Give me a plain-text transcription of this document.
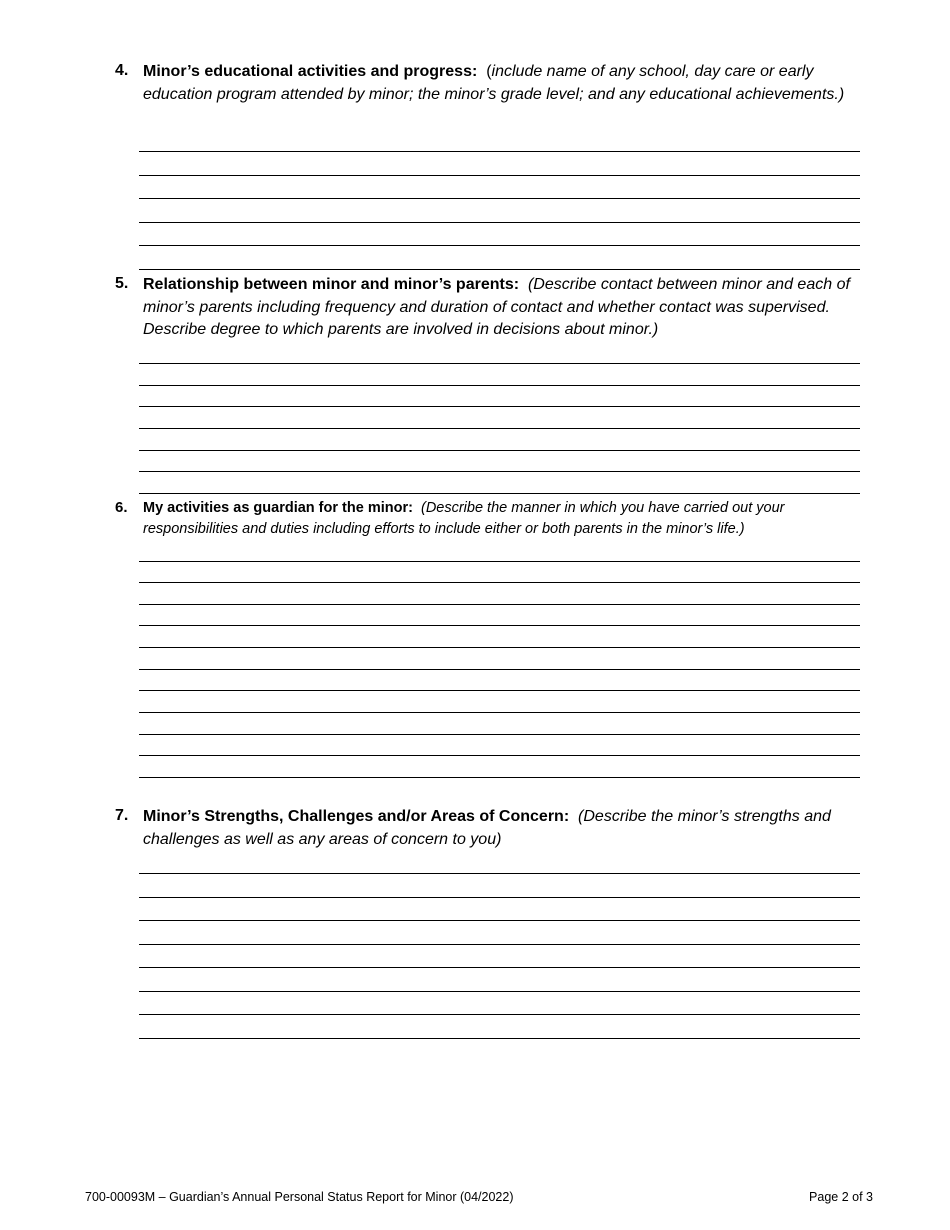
4. Minor’s educational activities and progress: (include name of any school, day care or early education program attended by minor; the minor’s grade level; and any educational achievements.)
5. Relationship between minor and minor’s parents: (Describe contact between minor and each of minor’s parents including frequency and duration of contact and whether contact was supervised. Describe degree to which parents are involved in decisions about minor.)
6. My activities as guardian for the minor: (Describe the manner in which you have carried out your responsibilities and duties including efforts to include either or both parents in the minor’s life.)
7. Minor’s Strengths, Challenges and/or Areas of Concern: (Describe the minor’s strengths and challenges as well as any areas of concern to you)
700-00093M – Guardian’s Annual Personal Status Report for Minor (04/2022)	Page 2 of 3
